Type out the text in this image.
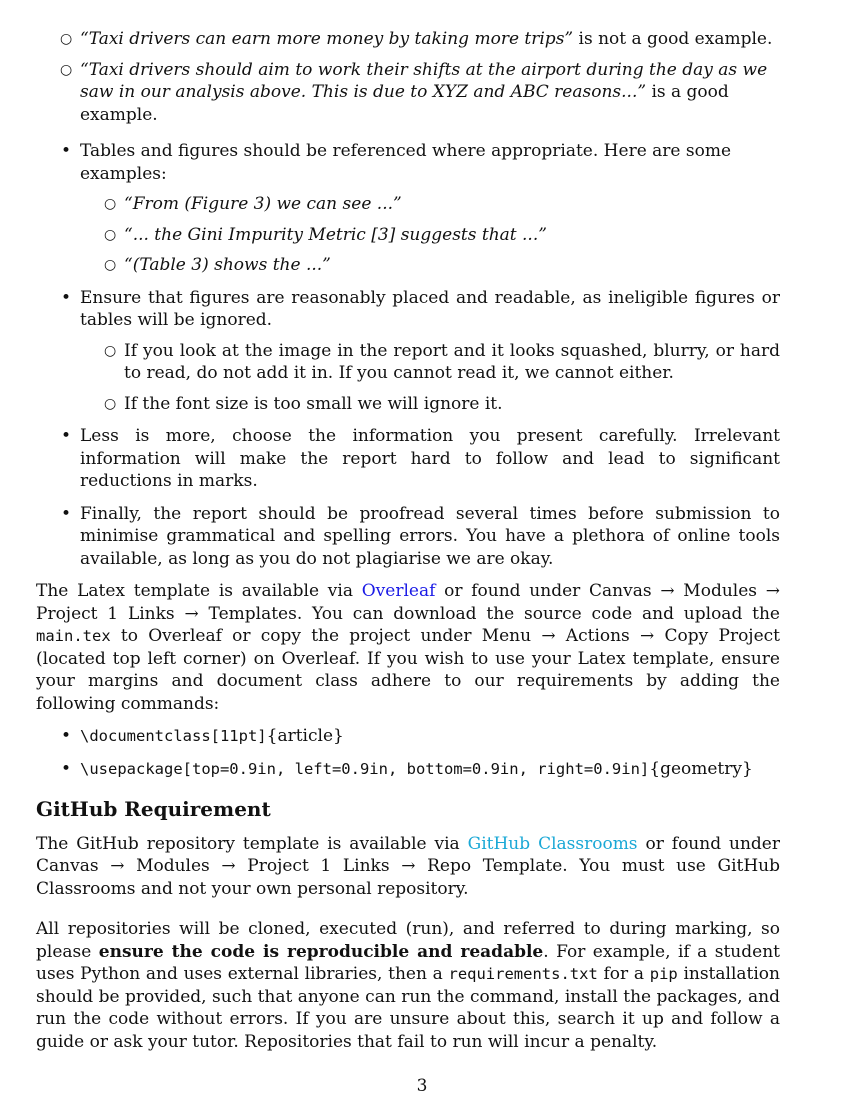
○ “Taxi drivers can earn more money by taking more trips” is not a good example.
○ “Taxi drivers should aim to work their shifts at the airport during the day as we saw in our analysis above. This is due to XYZ and ABC reasons...” is a good example.
• Tables and figures should be referenced where appropriate. Here are some examples:
○ “From (Figure 3) we can see ...”
○ “... the Gini Impurity Metric [3] suggests that ...”
○ “(Table 3) shows the ...”
• Ensure that figures are reasonably placed and readable, as ineligible figures or tables will be ignored.
○ If you look at the image in the report and it looks squashed, blurry, or hard to read, do not add it in. If you cannot read it, we cannot either.
○ If the font size is too small we will ignore it.
• Less is more, choose the information you present carefully. Irrelevant information will make the report hard to follow and lead to significant reductions in marks.
• Finally, the report should be proofread several times before submission to minimise grammatical and spelling errors. You have a plethora of online tools available, as long as you do not plagiarise we are okay.

The Latex template is available via Overleaf or found under Canvas → Modules → Project 1 Links → Templates. You can download the source code and upload the main.tex to Overleaf or copy the project under Menu → Actions → Copy Project (located top left corner) on Overleaf. If you wish to use your Latex template, ensure your margins and document class adhere to our requirements by adding the following commands:

• \documentclass[11pt]{article}
• \usepackage[top=0.9in, left=0.9in, bottom=0.9in, right=0.9in]{geometry}
GitHub Requirement

The GitHub repository template is available via GitHub Classrooms or found under Canvas → Modules → Project 1 Links → Repo Template. You must use GitHub Classrooms and not your own personal repository.

All repositories will be cloned, executed (run), and referred to during marking, so please ensure the code is reproducible and readable. For example, if a student uses Python and uses external libraries, then a requirements.txt for a pip installation should be provided, such that anyone can run the command, install the packages, and run the code without errors. If you are unsure about this, search it up and follow a guide or ask your tutor. Repositories that fail to run will incur a penalty.

3
